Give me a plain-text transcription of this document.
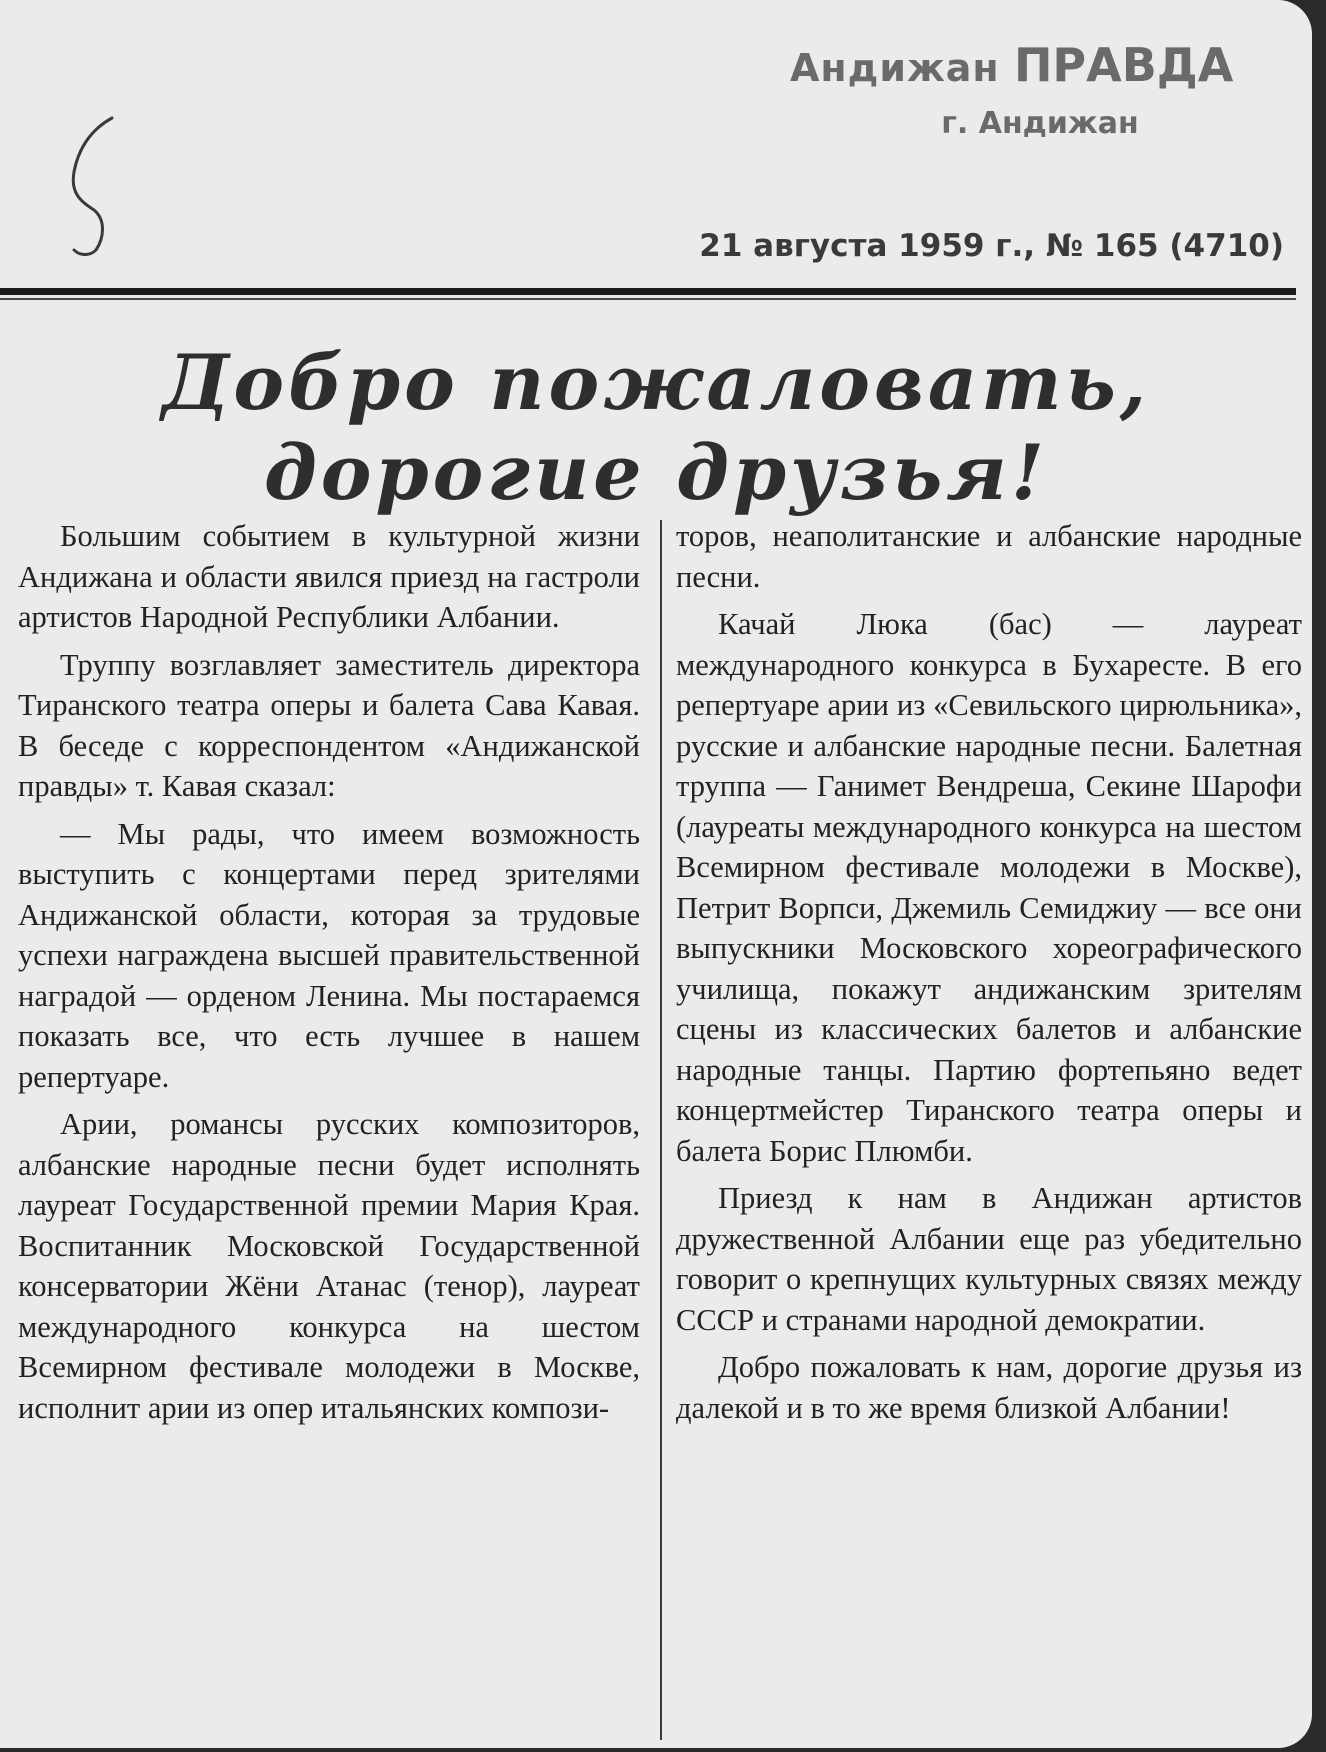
Андижан ПРАВДА
г. Андижан
21 августа 1959 г., № 165 (4710)
Добро пожаловать,
дорогие друзья!

Большим событием в культурной жизни Андижана и области явился приезд на гастроли артистов Народной Республики Албании.

Труппу возглавляет заместитель директора Тиранского театра оперы и балета Сава Кавая. В беседе с корреспондентом «Андижанской правды» т. Кавая сказал:

— Мы рады, что имеем возможность выступить с концертами перед зрителями Андижанской области, которая за трудовые успехи награждена высшей правительственной наградой — орденом Ленина. Мы постараемся показать все, что есть лучшее в нашем репертуаре.

Арии, романсы русских композиторов, албанские народные песни будет исполнять лауреат Государственной премии Мария Края. Воспитанник Московской Государственной консерватории Жёни Атанас (тенор), лауреат международного конкурса на шестом Всемирном фестивале молодежи в Москве, исполнит арии из опер итальянских компози-

торов, неаполитанские и албанские народные песни.

Качай Люка (бас) — лауреат международного конкурса в Бухаресте. В его репертуаре арии из «Севильского цирюльника», русские и албанские народные песни. Балетная труппа — Ганимет Вендреша, Секине Шарофи (лауреаты международного конкурса на шестом Всемирном фестивале молодежи в Москве), Петрит Ворпси, Джемиль Семиджиу — все они выпускники Московского хореографического училища, покажут андижанским зрителям сцены из классических балетов и албанские народные танцы. Партию фортепьяно ведет концертмейстер Тиранского театра оперы и балета Борис Плюмби.

Приезд к нам в Андижан артистов дружественной Албании еще раз убедительно говорит о крепнущих культурных связях между СССР и странами народной демократии.

Добро пожаловать к нам, дорогие друзья из далекой и в то же время близкой Албании!
